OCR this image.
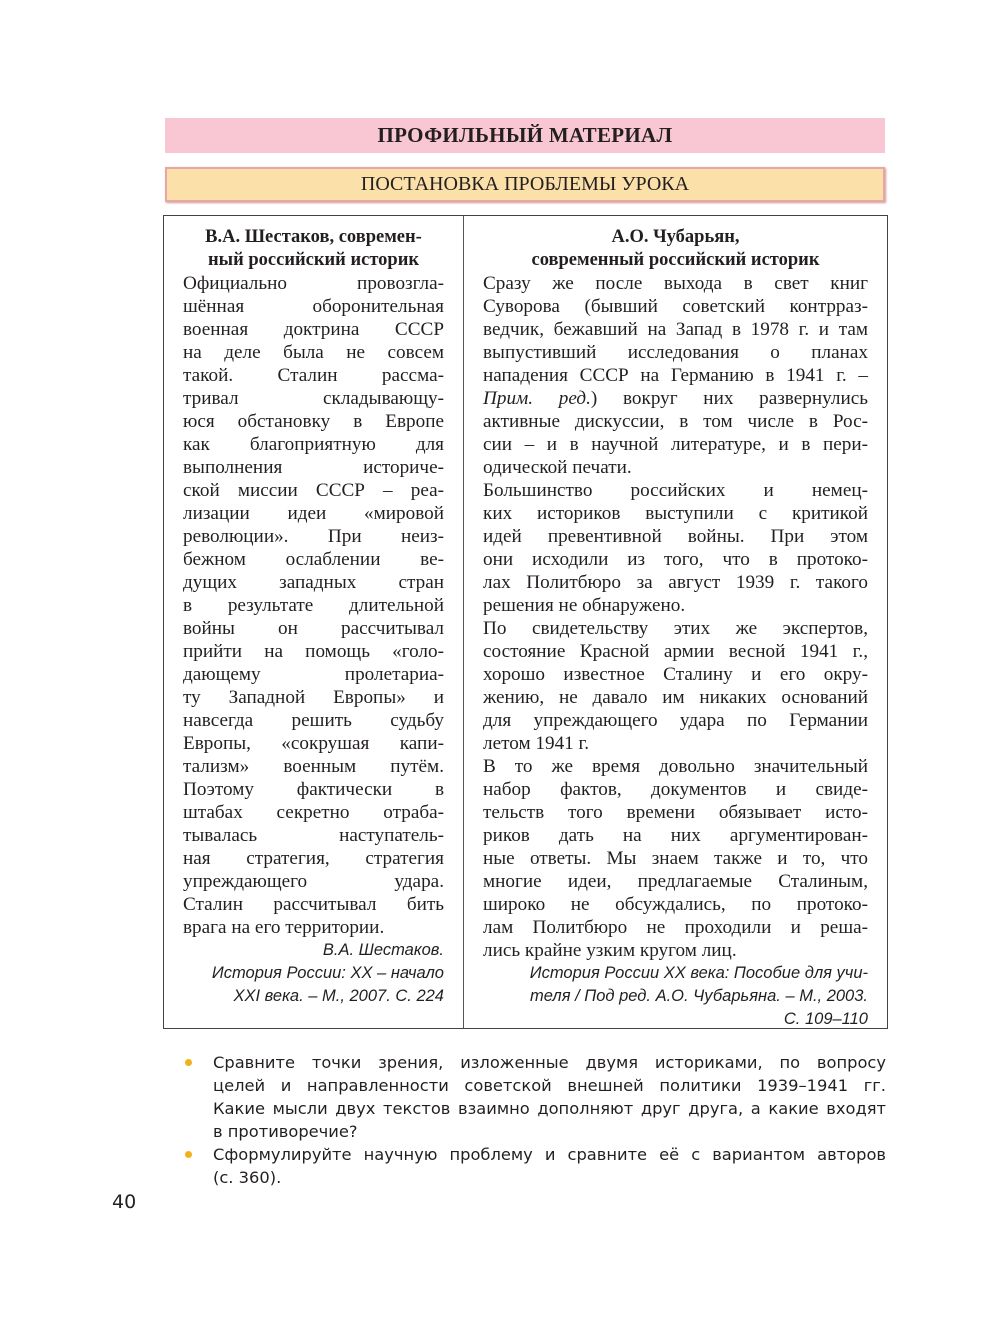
ПРОФИЛЬНЫЙ МАТЕРИАЛ
ПОСТАНОВКА ПРОБЛЕМЫ УРОКА
В.А. Шестаков, современ-
ный российский историк
Официально провозгла-
шённая оборонительная
военная доктрина СССР
на деле была не совсем
такой. Сталин рассма-
тривал складывающу-
юся обстановку в Европе
как благоприятную для
выполнения историче-
ской миссии СССР – реа-
лизации идеи «мировой
революции». При неиз-
бежном ослаблении ве-
дущих западных стран
в результате длительной
войны он рассчитывал
прийти на помощь «голо-
дающему пролетариа-
ту Западной Европы» и
навсегда решить судьбу
Европы, «сокрушая капи-
тализм» военным путём.
Поэтому фактически в
штабах секретно отраба-
тывалась наступатель-
ная стратегия, стратегия
упреждающего удара.
Сталин рассчитывал бить
врага на его территории.
В.А. Шестаков.
История России: XX – начало
XXI века. – М., 2007. С. 224
А.О. Чубарьян,
современный российский историк
Сразу же после выхода в свет книг
Суворова (бывший советский контрраз-
ведчик, бежавший на Запад в 1978 г. и там
выпустивший исследования о планах
нападения СССР на Германию в 1941 г. –
Прим. ред.) вокруг них развернулись
активные дискуссии, в том числе в Рос-
сии – и в научной литературе, и в пери-
одической печати.
Большинство российских и немец-
ких историков выступили с критикой
идей превентивной войны. При этом
они исходили из того, что в протоко-
лах Политбюро за август 1939 г. такого
решения не обнаружено.
По свидетельству этих же экспертов,
состояние Красной армии весной 1941 г.,
хорошо известное Сталину и его окру-
жению, не давало им никаких оснований
для упреждающего удара по Германии
летом 1941 г.
В то же время довольно значительный
набор фактов, документов и свиде-
тельств того времени обязывает исто-
риков дать на них аргументирован-
ные ответы. Мы знаем также и то, что
многие идеи, предлагаемые Сталиным,
широко не обсуждались, по протоко-
лам Политбюро не проходили и реша-
лись крайне узким кругом лиц.
История России XX века: Пособие для учи-
теля / Под ред. А.О. Чубарьяна. – М., 2003.
С. 109–110
Сравните точки зрения, изложенные двумя историками, по вопросу
целей и направленности советской внешней политики 1939–1941 гг.
Какие мысли двух текстов взаимно дополняют друг друга, а какие входят
в противоречие?
Сформулируйте научную проблему и сравните её с вариантом авторов
(с. 360).
40
